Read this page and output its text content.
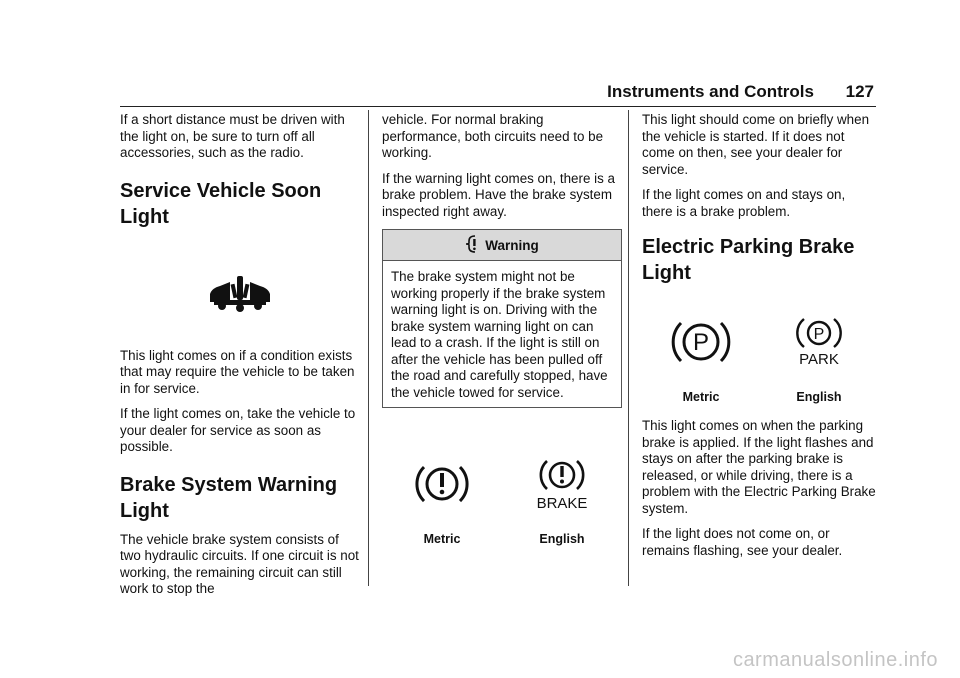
Instruments and Controls 127

If a short distance must be driven with the light on, be sure to turn off all accessories, such as the radio.

Service Vehicle Soon Light

This light comes on if a condition exists that may require the vehicle to be taken in for service.

If the light comes on, take the vehicle to your dealer for service as soon as possible.

Brake System Warning Light

The vehicle brake system consists of two hydraulic circuits. If one circuit is not working, the remaining circuit can still work to stop the

vehicle. For normal braking performance, both circuits need to be working.

If the warning light comes on, there is a brake problem. Have the brake system inspected right away.

Warning

The brake system might not be working properly if the brake system warning light is on. Driving with the brake system warning light on can lead to a crash. If the light is still on after the vehicle has been pulled off the road and carefully stopped, have the vehicle towed for service.

Metric
BRAKE
English

This light should come on briefly when the vehicle is started. If it does not come on then, see your dealer for service.

If the light comes on and stays on, there is a brake problem.

Electric Parking Brake Light
P
Metric
P
PARK
English

This light comes on when the parking brake is applied. If the light flashes and stays on after the parking brake is released, or while driving, there is a problem with the Electric Parking Brake system.

If the light does not come on, or remains flashing, see your dealer.

carmanualsonline.info
